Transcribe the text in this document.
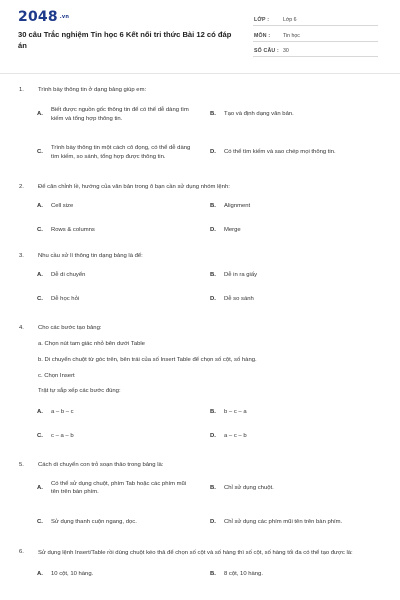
2048 .vn
30 câu Trắc nghiệm Tin học 6 Kết nối tri thức Bài 12 có đáp án
LỚP :	Lớp 6
MÔN : Tin học
SỐ CÂU : 30
1. Trình bày thông tin ở dạng bảng giúp em:
A.
Biết được nguồn gốc thông tin để có thể dễ dàng tìm kiếm và tổng hợp thông tin.
B.	Tạo và định dạng văn bản.
C.
Trình bày thông tin một cách cô đọng, có thể dễ dàng tìm kiếm, so sánh, tổng hợp được thông tin.
D.	Có thể tìm kiếm và sao chép mọi thông tin.
2. Để căn chỉnh lề, hướng của văn bản trong ô bạn cần sử dụng nhóm lệnh:
A.	Cell size	B.	Alignment
C.	Rows & columns	D.	Merge
3. Nhu cầu xử lí thông tin dạng bảng là để:
A.	Dễ di chuyển	B.	Dễ in ra giấy
C.	Dễ học hỏi	D.	Dễ so sánh
4. Cho các bước tạo bảng:
a. Chọn nút tam giác nhỏ bên dưới Table
b. Di chuyển chuột từ góc trên, bên trái của số Insert Table để chọn số cột, số hàng.
c. Chọn Insert
Trật tự sắp xếp các bước đúng:
A.	a – b – c	B.	b – c – a
C.	c – a – b	D.	a – c – b
5. Cách di chuyển con trỏ soạn thảo trong bảng là:
A.
Có thể sử dụng chuột, phím Tab hoặc các phím mũi tên trên bàn phím.
B.	Chỉ sử dụng chuột.
C.	Sử dụng thanh cuộn ngang, dọc.	D.	Chỉ sử dụng các phím mũi tên trên bàn phím.
6. Sử dụng lệnh Insert/Table rồi dùng chuột kéo thả để chọn số cột và số hàng thì số cột, số hàng tối đa có thể tạo được là:
A.	10 cột, 10 hàng.	B.	8 cột, 10 hàng.
